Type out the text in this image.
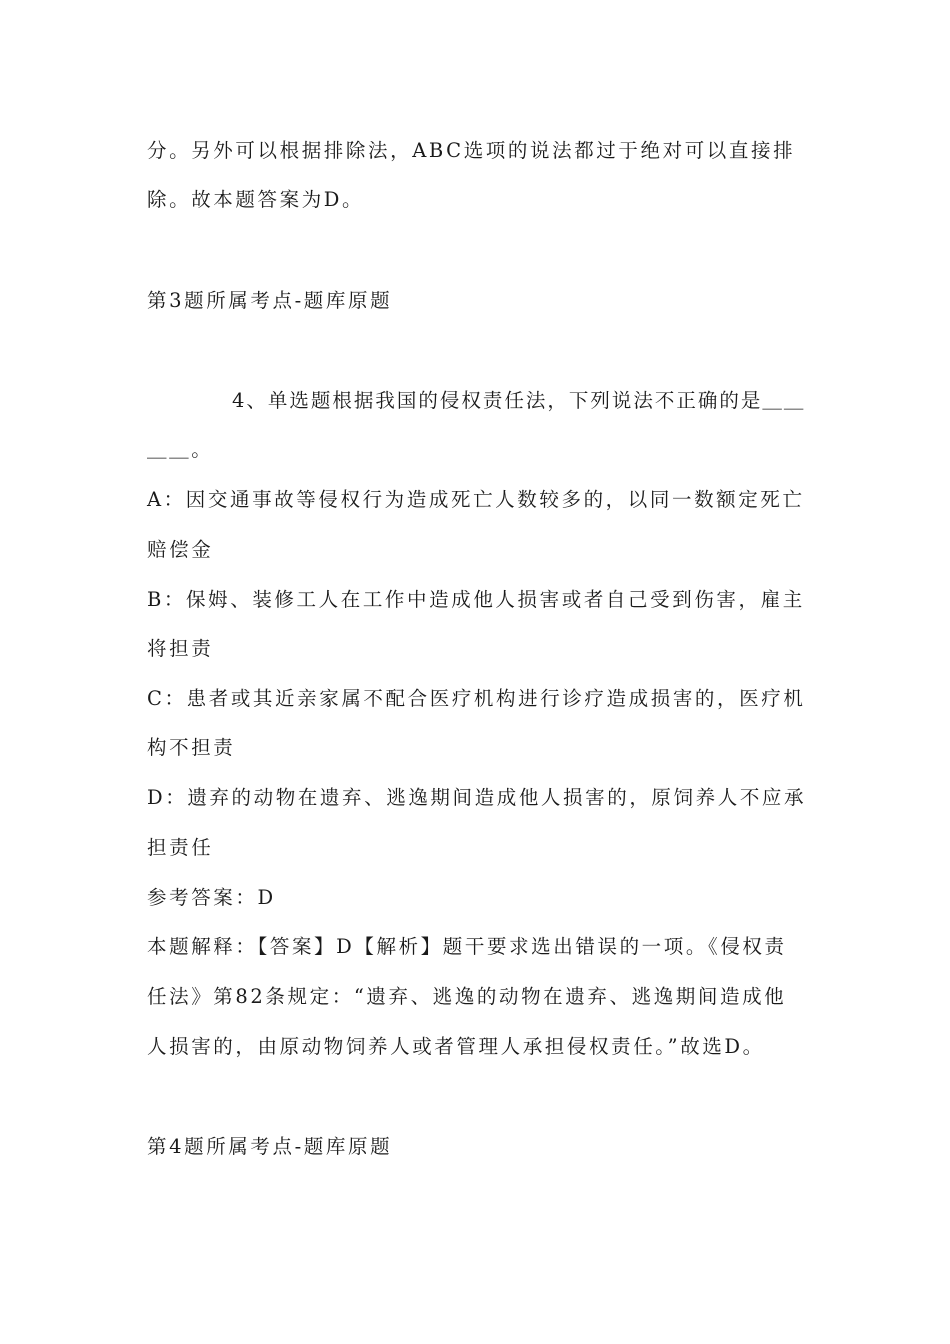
分。另外可以根据排除法，ABC选项的说法都过于绝对可以直接排
除。故本题答案为D。
第3题所属考点-题库原题
4、单选题根据我国的侵权责任法，下列说法不正确的是＿＿
＿＿。
A：因交通事故等侵权行为造成死亡人数较多的，以同一数额定死亡
赔偿金
B：保姆、装修工人在工作中造成他人损害或者自己受到伤害，雇主
将担责
C：患者或其近亲家属不配合医疗机构进行诊疗造成损害的，医疗机
构不担责
D：遗弃的动物在遗弃、逃逸期间造成他人损害的，原饲养人不应承
担责任
参考答案：D
本题解释：【答案】D【解析】题干要求选出错误的一项。《侵权责
任法》第82条规定：“遗弃、逃逸的动物在遗弃、逃逸期间造成他
人损害的，由原动物饲养人或者管理人承担侵权责任。”故选D。
第4题所属考点-题库原题
